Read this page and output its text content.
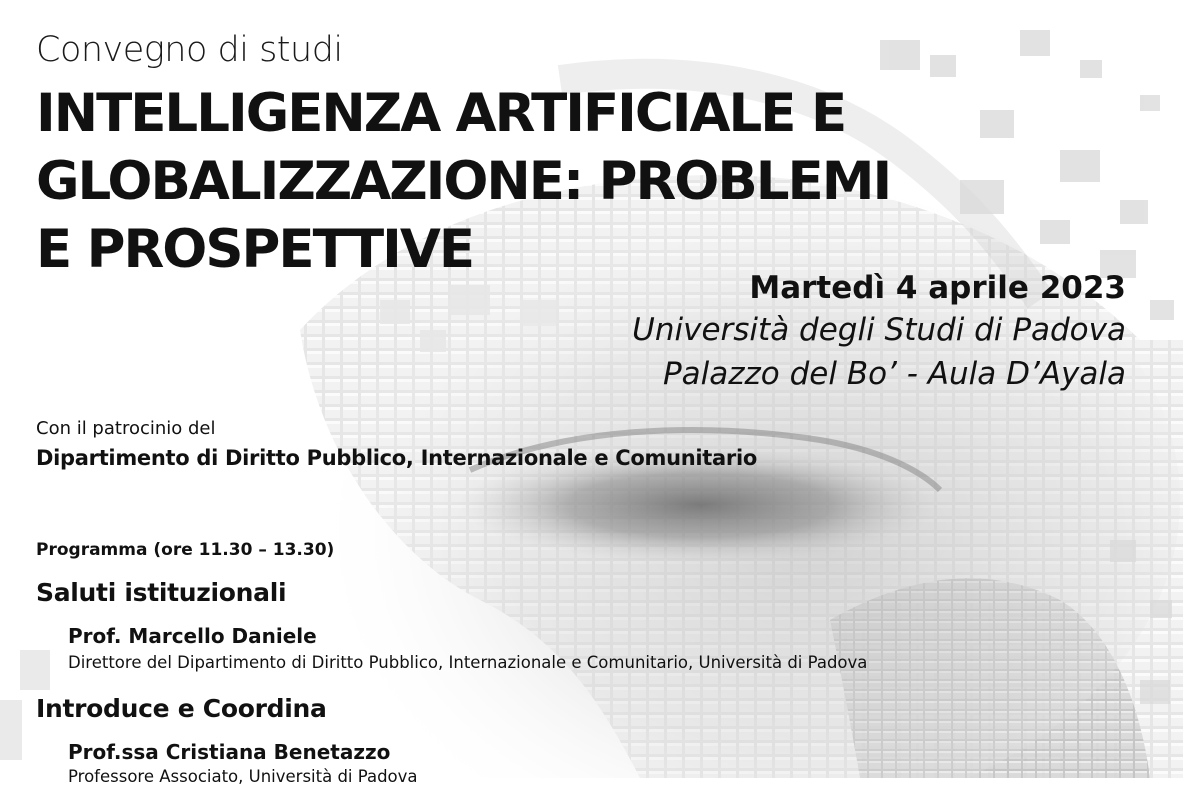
Convegno di studi
INTELLIGENZA ARTIFICIALE E
GLOBALIZZAZIONE: PROBLEMI
E PROSPETTIVE
Martedì 4 aprile 2023
Università degli Studi di Padova
Palazzo del Bo’ - Aula D’Ayala
Con il patrocinio del
Dipartimento di Diritto Pubblico, Internazionale e Comunitario
Programma (ore 11.30 – 13.30)
Saluti istituzionali
Prof. Marcello Daniele
Direttore del Dipartimento di Diritto Pubblico, Internazionale e Comunitario, Università di Padova
Introduce e Coordina
Prof.ssa Cristiana Benetazzo
Professore Associato, Università di Padova
